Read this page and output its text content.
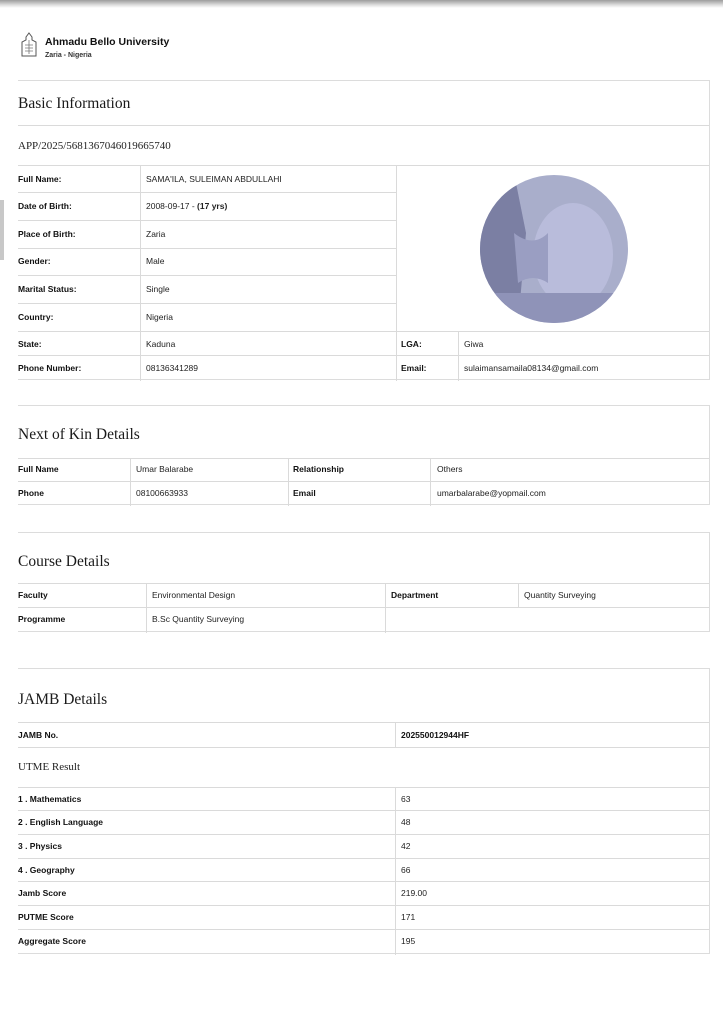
Ahmadu Bello University
Zaria - Nigeria
Basic Information
APP/2025/5681367046019665740
Full Name:	SAMA'ILA, SULEIMAN ABDULLAHI
Date of Birth:	2008-09-17 - (17 yrs)
Place of Birth:	Zaria
Gender:	Male
Marital Status:	Single
Country:	Nigeria
State:	Kaduna	LGA:	Giwa
Phone Number:	08136341289	Email:	sulaimansamaila08134@gmail.com
Next of Kin Details
Full Name	Umar Balarabe	Relationship	Others
Phone	08100663933	Email	umarbalarabe@yopmail.com
Course Details
Faculty	Environmental Design	Department	Quantity Surveying
Programme	B.Sc Quantity Surveying
JAMB Details
JAMB No.	202550012944HF
UTME Result
1 . Mathematics	63
2 . English Language	48
3 . Physics	42
4 . Geography	66
Jamb Score	219.00
PUTME Score	171
Aggregate Score	195
